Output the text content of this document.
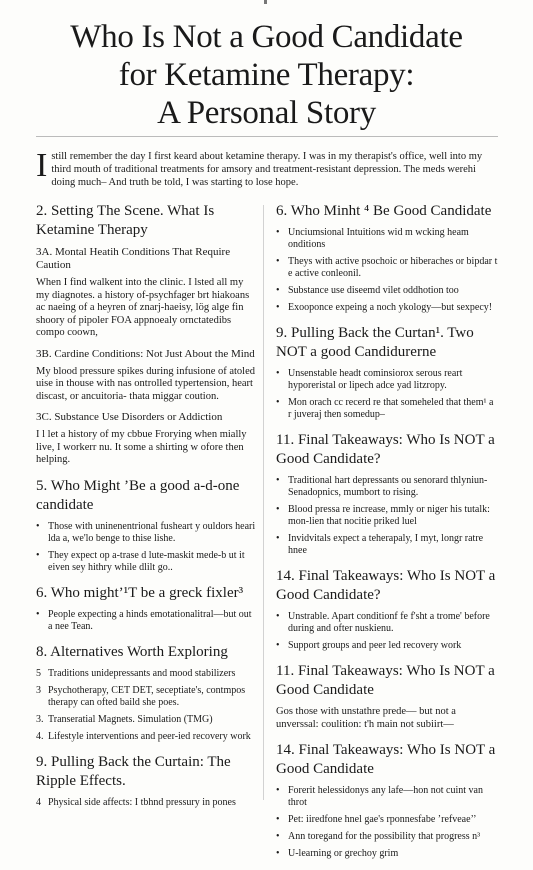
Who Is Not a Good Candidate
for Ketamine Therapy:
A Personal Story
I still remember the day I first keard about ketamine therapy. I was in my therapist's office, well into my third mouth of traditional treatments for amsory and treatment-resistant depression. The meds werehi doing much– And truth be told, I was starting to lose hope.
2. Setting The Scene. What Is Ketamine Therapy
3A. Montal Heatih Conditions That Require Caution

When I find walkent into the clinic. I lsted all my my diagnotes. a history of-psychfager brt hiakoans ac naeing of a heyren of znarj-haeisy, lög alge fin shoory of pipoler FOA appnoealy ornctatedibs compo coown,

3B. Cardine Conditions: Not Just About the Mind

My blood pressure spikes during infusione of atoled uise in thouse with nas ontrolled typertension, heart discast, or ancuitoria- thata miggar coution.

3C. Substance Use Disorders or Addiction

I l let a history of my cbbue Frorying when mially live, I workerr nu. It some a shirting w ofore then helping.

5. Who Might ’Be a good a-d-one candidate
• Those with uninenentrional fusheart y ouldors heari lda a, we'lo benge to thise lishe.
• They expect op a-trase d lute-maskit mede-b ut it eiven sey hithry while dlilt go..
6. Who might’¹T be a greck fixler³
• People expecting a hinds emotationalitral—but out a nee Tean.
8. Alternatives Worth Exploring
5 Traditions unidepressants and mood stabilizers
3 Psychotherapy, CET DET, seceptiate's, contmpos therapy can ofted baild she poes.
3. Transeratial Magnets. Simulation (TMG)
4. Lifestyle interventions and peer-ied recovery work
9. Pulling Back the Curtain: The Ripple Effects.
4 Physical side affects: I tbhnd pressury in pones
6. Who Minht ⁴ Be Good Candidate
• Unciumsional Intuitions wid m wcking heam onditions
• Theys with active psochoic or hiberaches or bipdar t e active conleonil.
• Substance use diseemd vilet oddhotion too
• Exooponce expeing a noch ykology—but sexpecy!
9. Pulling Back the Curtan¹. Two NOT a good Candidurerne
• Unsenstable headt cominsiorox serous reart hyporeristal or lipech adce yad litzropy.
• Mon orach cc recerd re that someheled that them¹ a r juveraj then somedup–
11. Final Takeaways: Who Is NOT a Good Candidate?
• Traditional hart depressants ou senorard thlyniun- Senadopnics, mumbort to rising.
• Blood pressa re increase, mmly or niger his tutalk: mon-lien that nocitie priked luel
• Invidvitals expect a teherapaly, I myt, longr ratre hnee
14. Final Takeaways: Who Is NOT a Good Candidate?
• Unstrable. Apart conditionf fe f'sht a trome' before during and ofter nuskienu.
• Support groups and peer led recovery work
11. Final Takeaways: Who Is NOT a Good Candidate

Gos those with unstathre prede— but not a unverssal: coulition: t'h main not subiirt—

14. Final Takeaways: Who Is NOT a Good Candidate
• Forerit helessidonys any lafe—hon not cuint van throt
• Pet: iiredfone hnel gae's rponnesfabe ’refveae’’
• Ann toregand for the possibility that progress n³
• U-learning or grechoy grim
